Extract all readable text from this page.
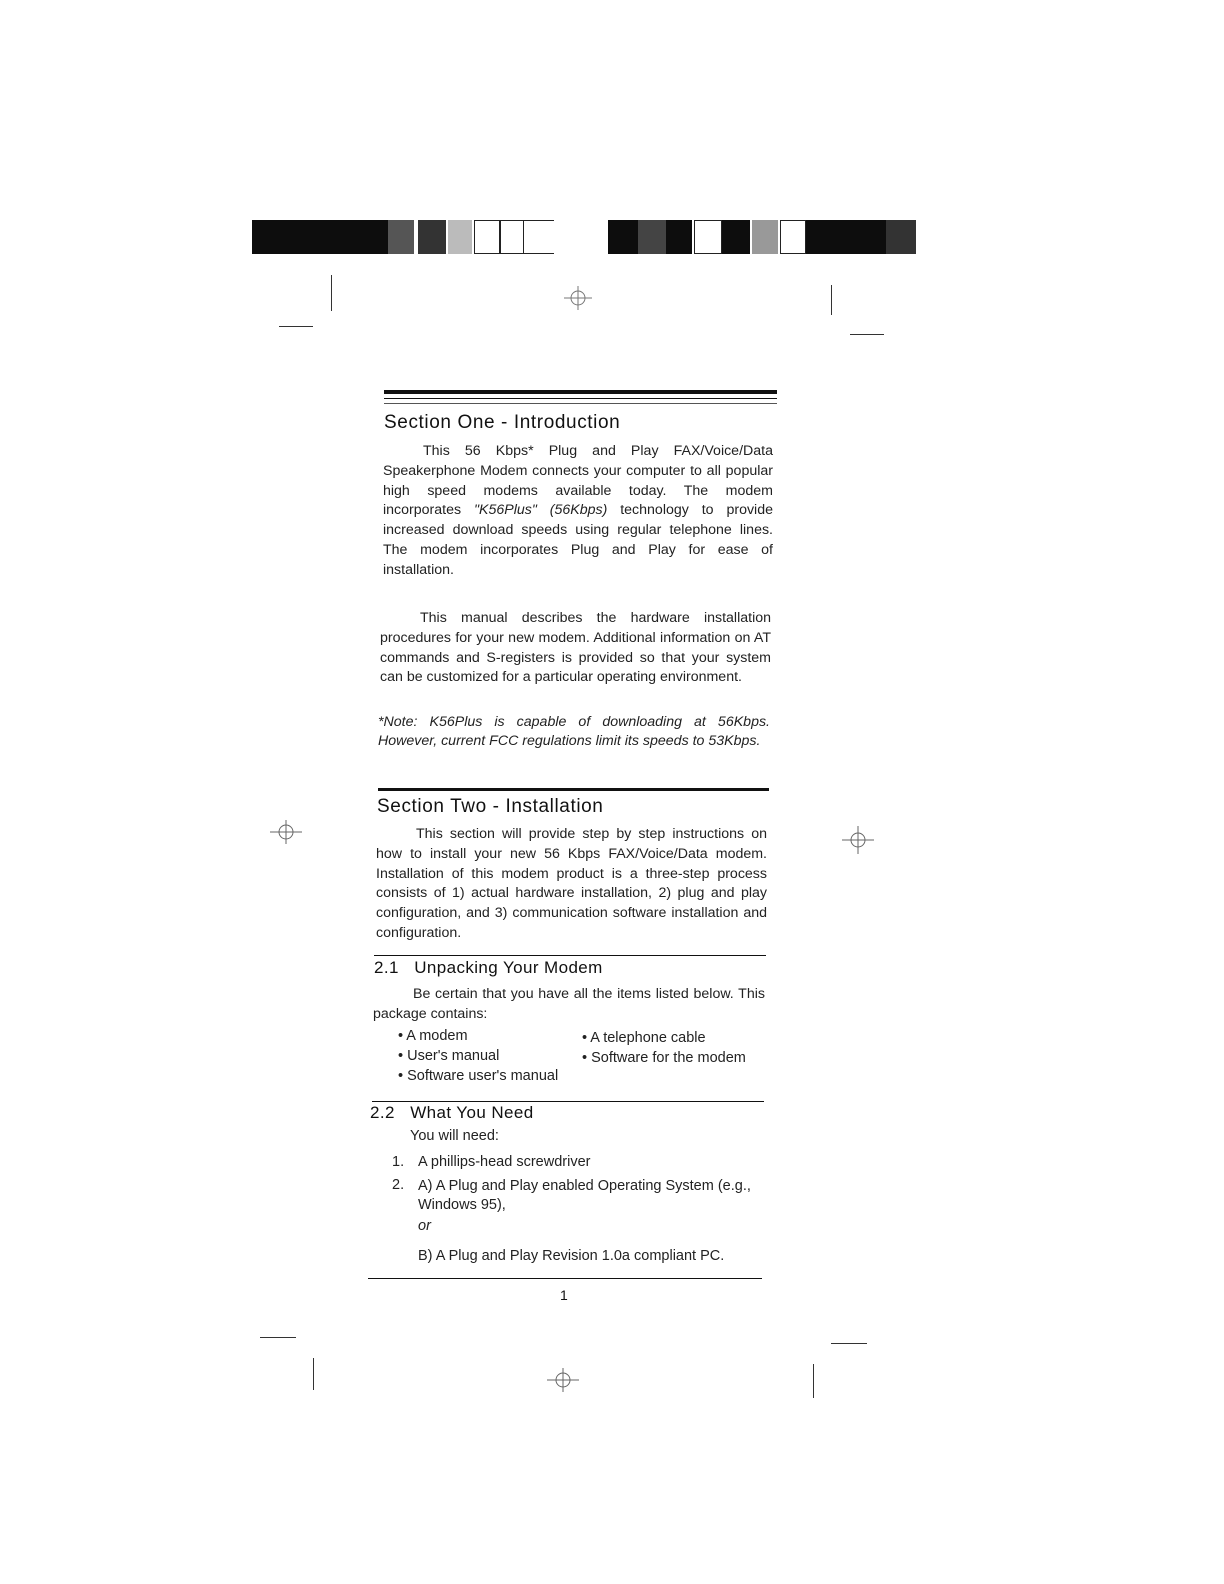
Section One - Introduction

This 56 Kbps* Plug and Play FAX/Voice/Data Speakerphone Modem connects your computer to all popular high speed modems available today. The modem incorporates "K56Plus" (56Kbps) technology to provide increased download speeds using regular telephone lines. The modem incorporates Plug and Play for ease of installation.

This manual describes the hardware installation procedures for your new modem. Additional information on AT commands and S-registers is provided so that your system can be customized for a particular operating environment.

*Note: K56Plus is capable of downloading at 56Kbps. However, current FCC regulations limit its speeds to 53Kbps.

Section Two - Installation

This section will provide step by step instructions on how to install your new 56 Kbps FAX/Voice/Data modem. Installation of this modem product is a three-step process consists of 1) actual hardware installation, 2) plug and play configuration, and 3) communication software installation and configuration.

2.1 Unpacking Your Modem

Be certain that you have all the items listed below. This package contains:

• A modem
• User's manual
• Software user's manual
• A telephone cable
• Software for the modem
2.2 What You Need
You will need:
1. A phillips-head screwdriver
2. A) A Plug and Play enabled Operating System (e.g., Windows 95),

or
B) A Plug and Play Revision 1.0a compliant PC.
1
